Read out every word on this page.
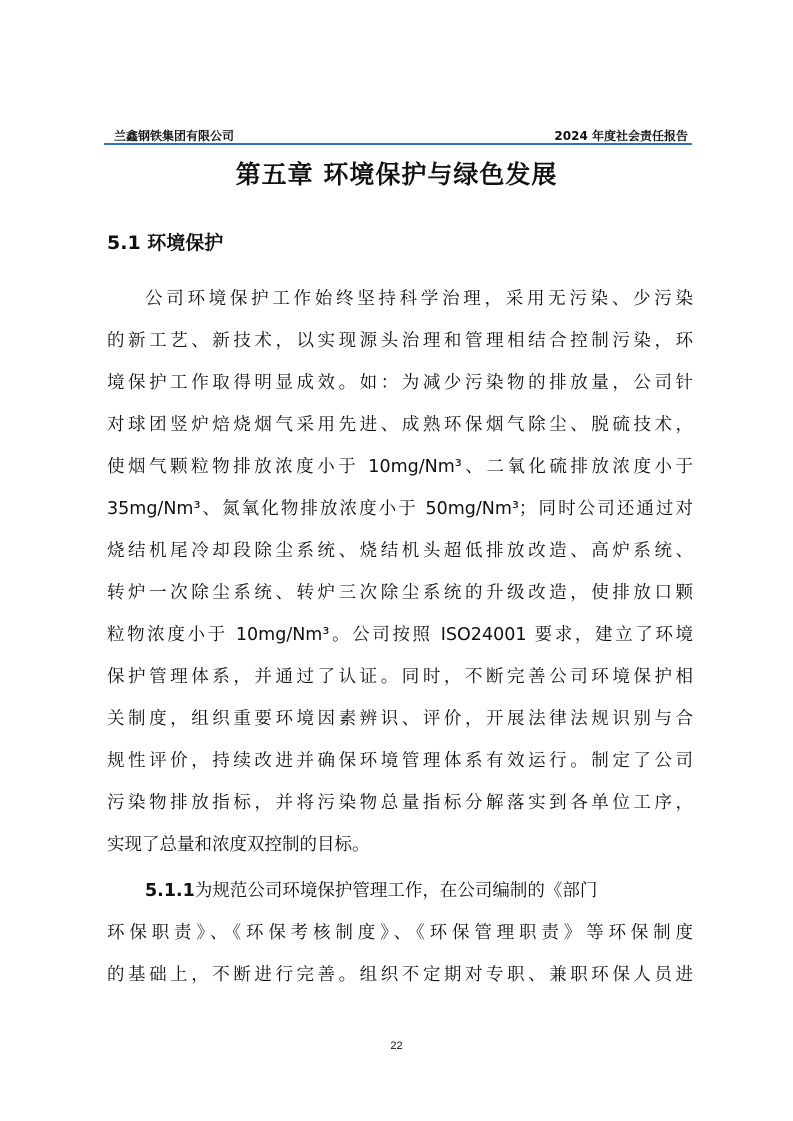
兰鑫钢铁集团有限公司	2024 年度社会责任报告
第五章 环境保护与绿色发展
5.1 环境保护
公司环境保护工作始终坚持科学治理，采用无污染、少污染
的新工艺、新技术，以实现源头治理和管理相结合控制污染，环
境保护工作取得明显成效。如：为减少污染物的排放量，公司针
对球团竖炉焙烧烟气采用先进、成熟环保烟气除尘、脱硫技术，
使烟气颗粒物排放浓度小于 10mg/Nm³、二氧化硫排放浓度小于
35mg/Nm³、氮氧化物排放浓度小于 50mg/Nm³；同时公司还通过对
烧结机尾冷却段除尘系统、烧结机头超低排放改造、高炉系统、
转炉一次除尘系统、转炉三次除尘系统的升级改造，使排放口颗
粒物浓度小于 10mg/Nm³。公司按照 ISO24001 要求，建立了环境
保护管理体系，并通过了认证。同时，不断完善公司环境保护相
关制度，组织重要环境因素辨识、评价，开展法律法规识别与合
规性评价，持续改进并确保环境管理体系有效运行。制定了公司
污染物排放指标，并将污染物总量指标分解落实到各单位工序，
实现了总量和浓度双控制的目标。
5.1.1为规范公司环境保护管理工作，在公司编制的《部门
环保职责》、《环保考核制度》、《环保管理职责》等环保制度
的基础上，不断进行完善。组织不定期对专职、兼职环保人员进
22
